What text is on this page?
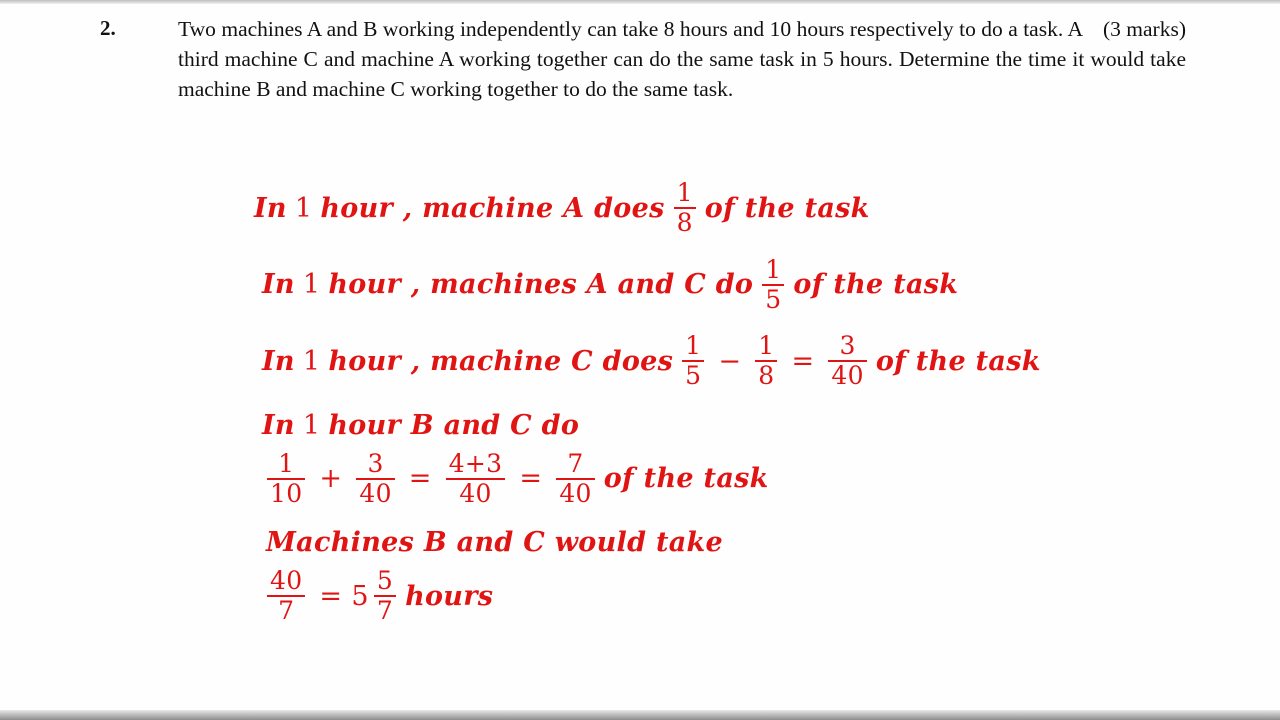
2.	(3 marks)
Two machines A and B working independently can take 8 hours and 10 hours respectively to do a task. A third machine C and machine A working together can do the same task in 5 hours. Determine the time it would take machine B and machine C working together to do the same task.
In 1 hour , machine A does $\frac{1}{8}$ of the task
In 1 hour , machines A and C do $\frac{1}{5}$ of the task
In 1 hour , machine C does $\frac{1}{5} - \frac{1}{8} = \frac{3}{40}$ of the task
In 1 hour B and C do
$\frac{1}{10} + \frac{3}{40} = \frac{4+3}{40} = \frac{7}{40}$ of the task
Machines B and C would take
$\frac{40}{7} = 5 \frac{5}{7}$ hours
